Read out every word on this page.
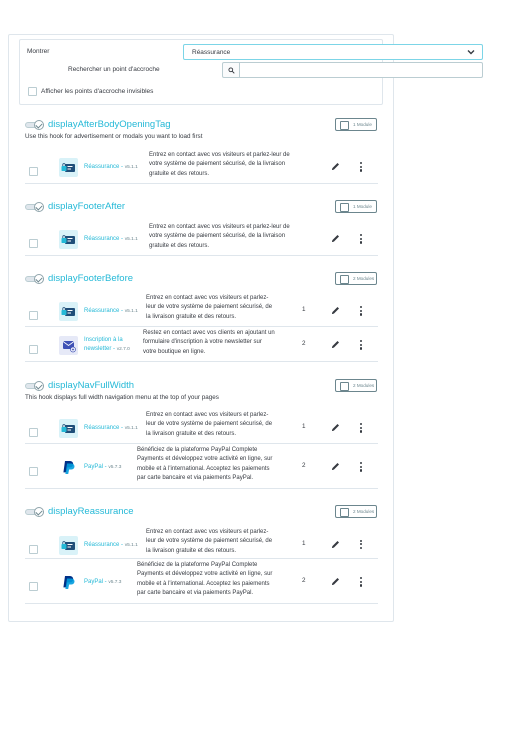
Montrer	Réassurance
Rechercher un point d'accroche
Afficher les points d'accroche invisibles
displayAfterBodyOpeningTag	1 Module
Use this hook for advertisement or modals you want to load first
Réassurance - v5.1.1
Entrez en contact avec vos visiteurs et parlez-leur de
votre système de paiement sécurisé, de la livraison
gratuite et des retours.
displayFooterAfter	1 Module
Réassurance - v5.1.1
Entrez en contact avec vos visiteurs et parlez-leur de
votre système de paiement sécurisé, de la livraison
gratuite et des retours.
displayFooterBefore	2 Modules
Réassurance - v5.1.1
Entrez en contact avec vos visiteurs et parlez-
leur de votre système de paiement sécurisé, de
la livraison gratuite et des retours.
1
Inscription à la
newsletter - v2.7.0
Restez en contact avec vos clients en ajoutant un
formulaire d'inscription à votre newsletter sur
votre boutique en ligne.
2
displayNavFullWidth	2 Modules
This hook displays full width navigation menu at the top of your pages
Réassurance - v5.1.1
Entrez en contact avec vos visiteurs et parlez-
leur de votre système de paiement sécurisé, de
la livraison gratuite et des retours.
1
PayPal - v5.7.3
Bénéficiez de la plateforme PayPal Complete
Payments et développez votre activité en ligne, sur
mobile et à l'international. Acceptez les paiements
par carte bancaire et via paiements PayPal.
2
displayReassurance	2 Modules
Réassurance - v5.1.1
Entrez en contact avec vos visiteurs et parlez-
leur de votre système de paiement sécurisé, de
la livraison gratuite et des retours.
1
PayPal - v5.7.3
Bénéficiez de la plateforme PayPal Complete
Payments et développez votre activité en ligne, sur
mobile et à l'international. Acceptez les paiements
par carte bancaire et via paiements PayPal.
2
